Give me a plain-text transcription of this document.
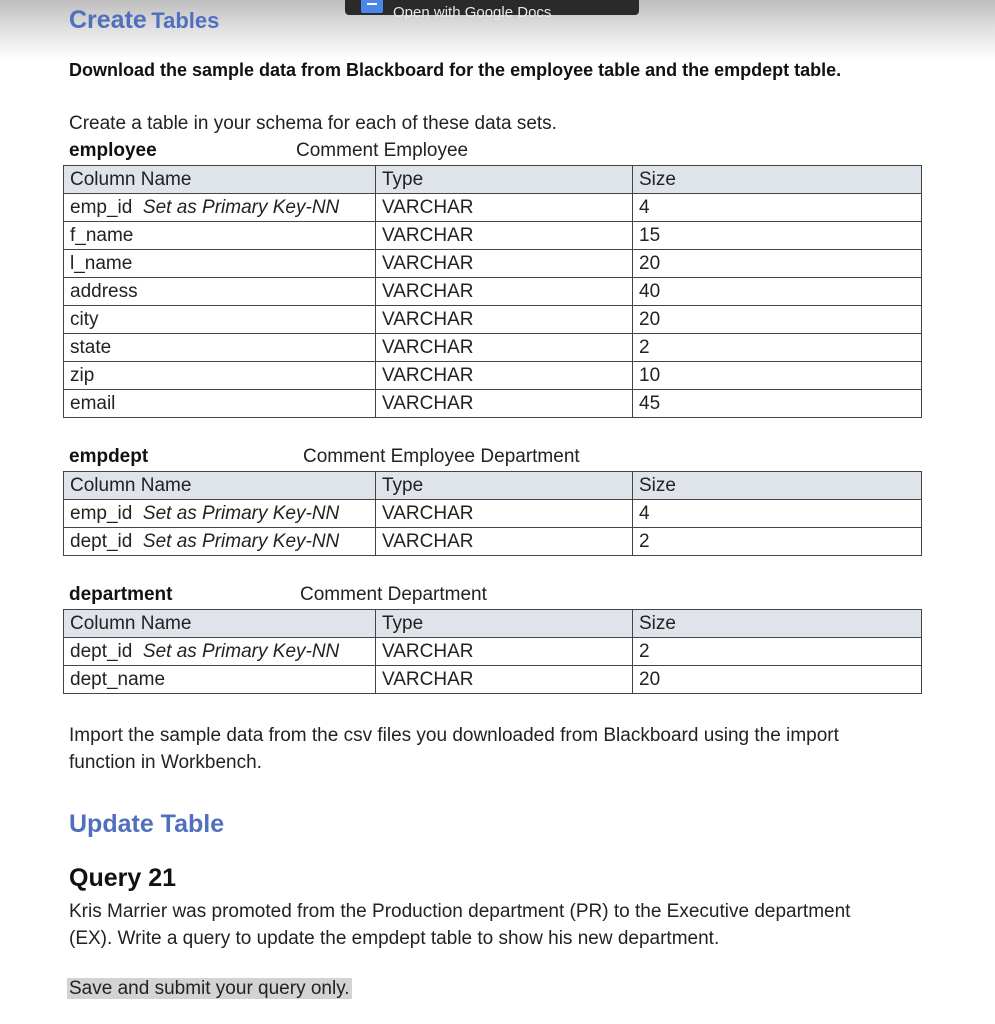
Open with Google Docs
Create Tables
Download the sample data from Blackboard for the employee table and the empdept table.
Create a table in your schema for each of these data sets.
employee	Comment Employee
Column Name	Type	Size
emp_id Set as Primary Key-NN	VARCHAR	4
f_name	VARCHAR	15
l_name	VARCHAR	20
address	VARCHAR	40
city	VARCHAR	20
state	VARCHAR	2
zip	VARCHAR	10
email	VARCHAR	45
empdept	Comment Employee Department
Column Name	Type	Size
emp_id Set as Primary Key-NN	VARCHAR	4
dept_id Set as Primary Key-NN	VARCHAR	2
department	Comment Department
Column Name	Type	Size
dept_id Set as Primary Key-NN	VARCHAR	2
dept_name	VARCHAR	20
Import the sample data from the csv files you downloaded from Blackboard using the import
function in Workbench.
Update Table
Query 21
Kris Marrier was promoted from the Production department (PR) to the Executive department
(EX). Write a query to update the empdept table to show his new department.
Save and submit your query only.
